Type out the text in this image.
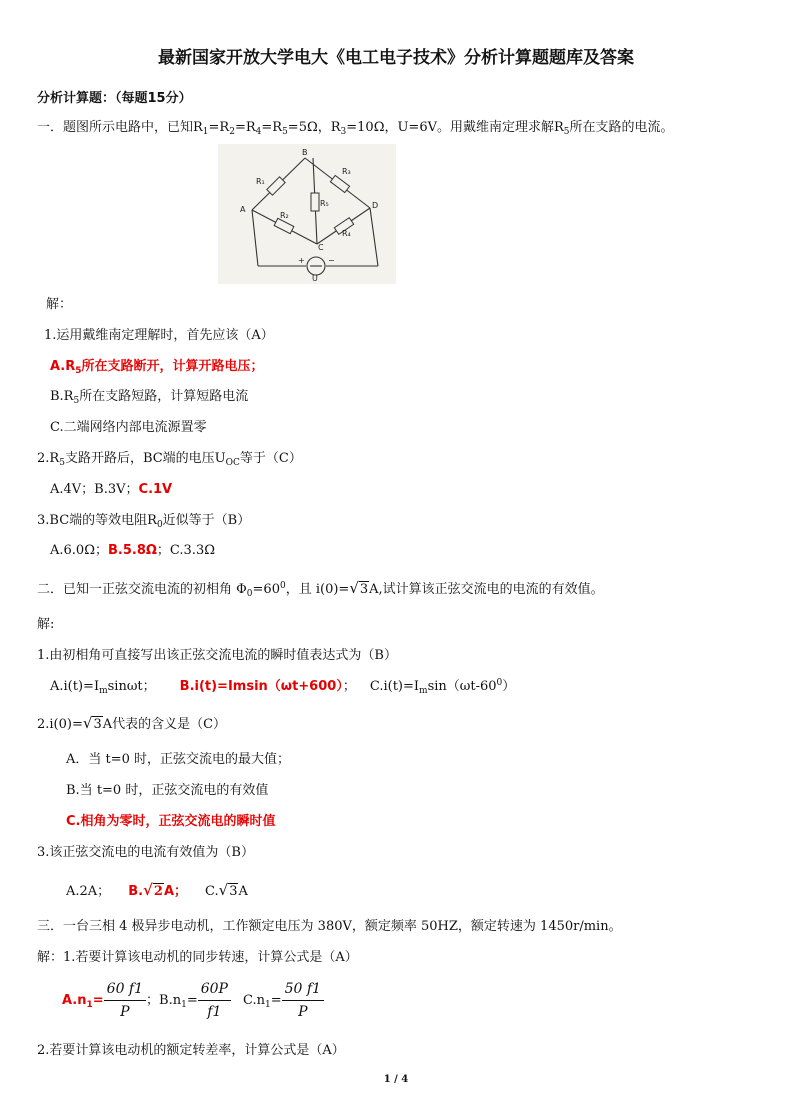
最新国家开放大学电大《电工电子技术》分析计算题题库及答案
分析计算题：（每题15分）
一．题图所示电路中，已知$R_1=R_2=R_4=R_5=5\Omega$，$R_3=10\Omega$，U=6V。用戴维南定理求解$R_5$所在支路的电流。
A
B
C
D
R₁
R₃
R₂
R₅
R₄
U
+	−
解：
1.运用戴维南定理解时，首先应该（A）
$A.R_5$所在支路断开，计算开路电压；
$B.R_5$所在支路短路，计算短路电流
C.二端网络内部电流源置零
$2.R_5$支路开路后，BC端的电压$U_{OC}$等于（C）
A.4V；B.3V；C.1V
3.BC端的等效电阻$R_0$近似等于（B）
A.6.0Ω；B.5.8Ω；C.3.3Ω
二．已知一正弦交流电流的初相角 $\Phi_0=60^0$，且 i(0)=√3A,试计算该正弦交流电的电流的有效值。
解:
1.由初相角可直接写出该正弦交流电流的瞬时值表达式为（B）
$A.i(t)=I_m\sin\omega t$； B.i(t)=Imsin（ωt+600）； $C.i(t)=I_m\sin(\omega t-60^0)$
2.i(0)=√3A代表的含义是（C）
A．当 t=0 时，正弦交流电的最大值；
B.当 t=0 时，正弦交流电的有效值
C.相角为零时，正弦交流电的瞬时值
3.该正弦交流电的电流有效值为（B）
A.2A； B.√2A； C.√3A
三．一台三相 4 极异步电动机，工作额定电压为 380V，额定频率 50HZ，额定转速为 1450r/min。
解：1.若要计算该电动机的同步转速，计算公式是（A）
$A.n_1= \frac{60 f1}{P}$ ；$B.n_1= \frac{60P}{f1} C.n_1= \frac{50 f1}{P}$
2.若要计算该电动机的额定转差率，计算公式是（A）
1 / 4
